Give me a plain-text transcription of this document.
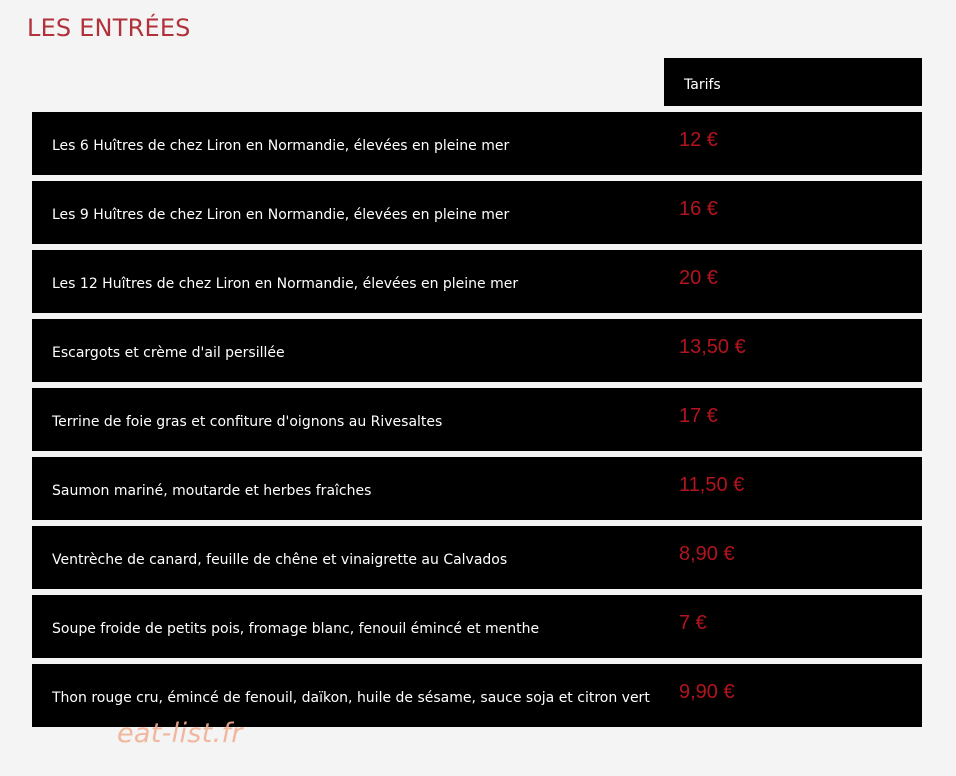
LES ENTRÉES
	Tarifs

Les 6 Huîtres de chez Liron en Normandie, élevées en pleine mer	12 €

Les 9 Huîtres de chez Liron en Normandie, élevées en pleine mer	16 €

Les 12 Huîtres de chez Liron en Normandie, élevées en pleine mer	20 €

Escargots et crème d'ail persillée	13,50 €

Terrine de foie gras et confiture d'oignons au Rivesaltes	17 €

Saumon mariné, moutarde et herbes fraîches	11,50 €

Ventrèche de canard, feuille de chêne et vinaigrette au Calvados	8,90 €

Soupe froide de petits pois, fromage blanc, fenouil émincé et menthe	7 €

Thon rouge cru, émincé de fenouil, daïkon, huile de sésame, sauce soja et citron vert	9,90 €
eat-list.fr
